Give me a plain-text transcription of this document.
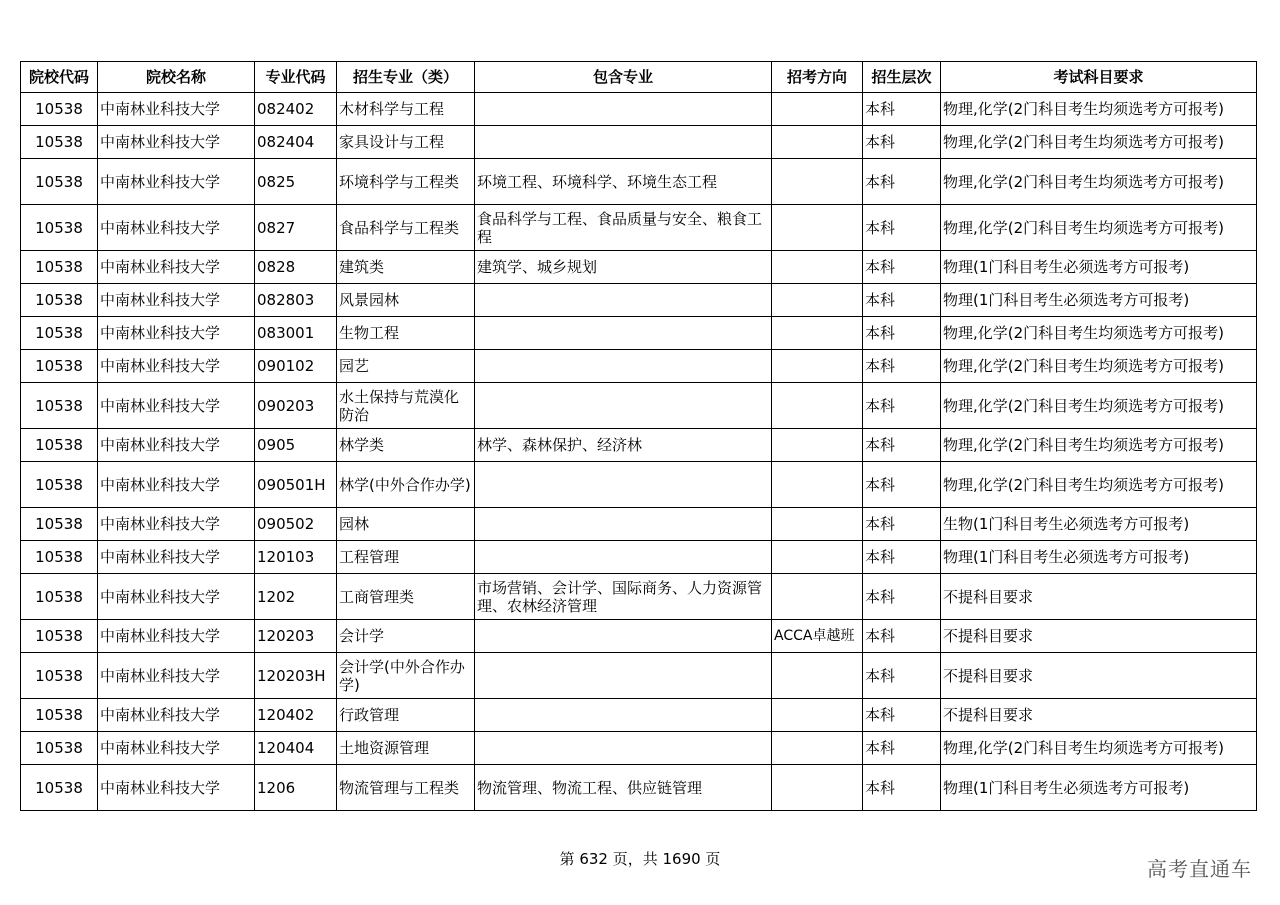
院校代码	院校名称	专业代码	招生专业（类）	包含专业	招考方向	招生层次	考试科目要求
10538	中南林业科技大学	082402	木材科学与工程			本科	物理,化学(2门科目考生均须选考方可报考)
10538	中南林业科技大学	082404	家具设计与工程			本科	物理,化学(2门科目考生均须选考方可报考)
10538	中南林业科技大学	0825	环境科学与工程类	环境工程、环境科学、环境生态工程		本科	物理,化学(2门科目考生均须选考方可报考)
10538	中南林业科技大学	0827	食品科学与工程类	食品科学与工程、食品质量与安全、粮食工程		本科	物理,化学(2门科目考生均须选考方可报考)
10538	中南林业科技大学	0828	建筑类	建筑学、城乡规划		本科	物理(1门科目考生必须选考方可报考)
10538	中南林业科技大学	082803	风景园林			本科	物理(1门科目考生必须选考方可报考)
10538	中南林业科技大学	083001	生物工程			本科	物理,化学(2门科目考生均须选考方可报考)
10538	中南林业科技大学	090102	园艺			本科	物理,化学(2门科目考生均须选考方可报考)
10538	中南林业科技大学	090203	水土保持与荒漠化防治			本科	物理,化学(2门科目考生均须选考方可报考)
10538	中南林业科技大学	0905	林学类	林学、森林保护、经济林		本科	物理,化学(2门科目考生均须选考方可报考)
10538	中南林业科技大学	090501H	林学(中外合作办学)			本科	物理,化学(2门科目考生均须选考方可报考)
10538	中南林业科技大学	090502	园林			本科	生物(1门科目考生必须选考方可报考)
10538	中南林业科技大学	120103	工程管理			本科	物理(1门科目考生必须选考方可报考)
10538	中南林业科技大学	1202	工商管理类	市场营销、会计学、国际商务、人力资源管理、农林经济管理		本科	不提科目要求
10538	中南林业科技大学	120203	会计学		ACCA卓越班	本科	不提科目要求
10538	中南林业科技大学	120203H	会计学(中外合作办学)			本科	不提科目要求
10538	中南林业科技大学	120402	行政管理			本科	不提科目要求
10538	中南林业科技大学	120404	土地资源管理			本科	物理,化学(2门科目考生均须选考方可报考)
10538	中南林业科技大学	1206	物流管理与工程类	物流管理、物流工程、供应链管理		本科	物理(1门科目考生必须选考方可报考)
第 632 页，共 1690 页	高考直通车
